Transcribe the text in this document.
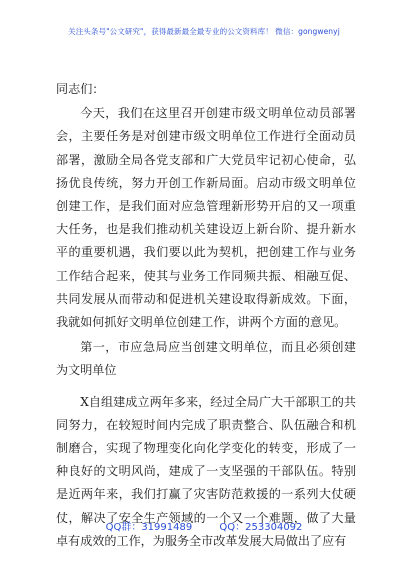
关注头条号"公文研究"，获得最新最全最专业的公文资料库！ 微信：gongwenyj

同志们：

今天，我们在这里召开创建市级文明单位动员部署会，主要任务是对创建市级文明单位工作进行全面动员部署，激励全局各党支部和广大党员牢记初心使命，弘扬优良传统，努力开创工作新局面。启动市级文明单位创建工作，是我们面对应急管理新形势开启的又一项重大任务，也是我们推动机关建设迈上新台阶、提升新水平的重要机遇，我们要以此为契机，把创建工作与业务工作结合起来，使其与业务工作同频共振、相融互促、共同发展从而带动和促进机关建设取得新成效。下面，我就如何抓好文明单位创建工作，讲两个方面的意见。

第一，市应急局应当创建文明单位，而且必须创建为文明单位

X自组建成立两年多来，经过全局广大干部职工的共同努力，在较短时间内完成了职责整合、队伍融合和机制磨合，实现了物理变化向化学变化的转变，形成了一种良好的文明风尚，建成了一支坚强的干部队伍。特别是近两年来，我们打赢了灾害防范救援的一系列大仗硬仗，解决了安全生产领域的一个又一个难题，做了大量卓有成效的工作，为服务全市改革发展大局做出了应有

QQ群：31991489	QQ：253304092
